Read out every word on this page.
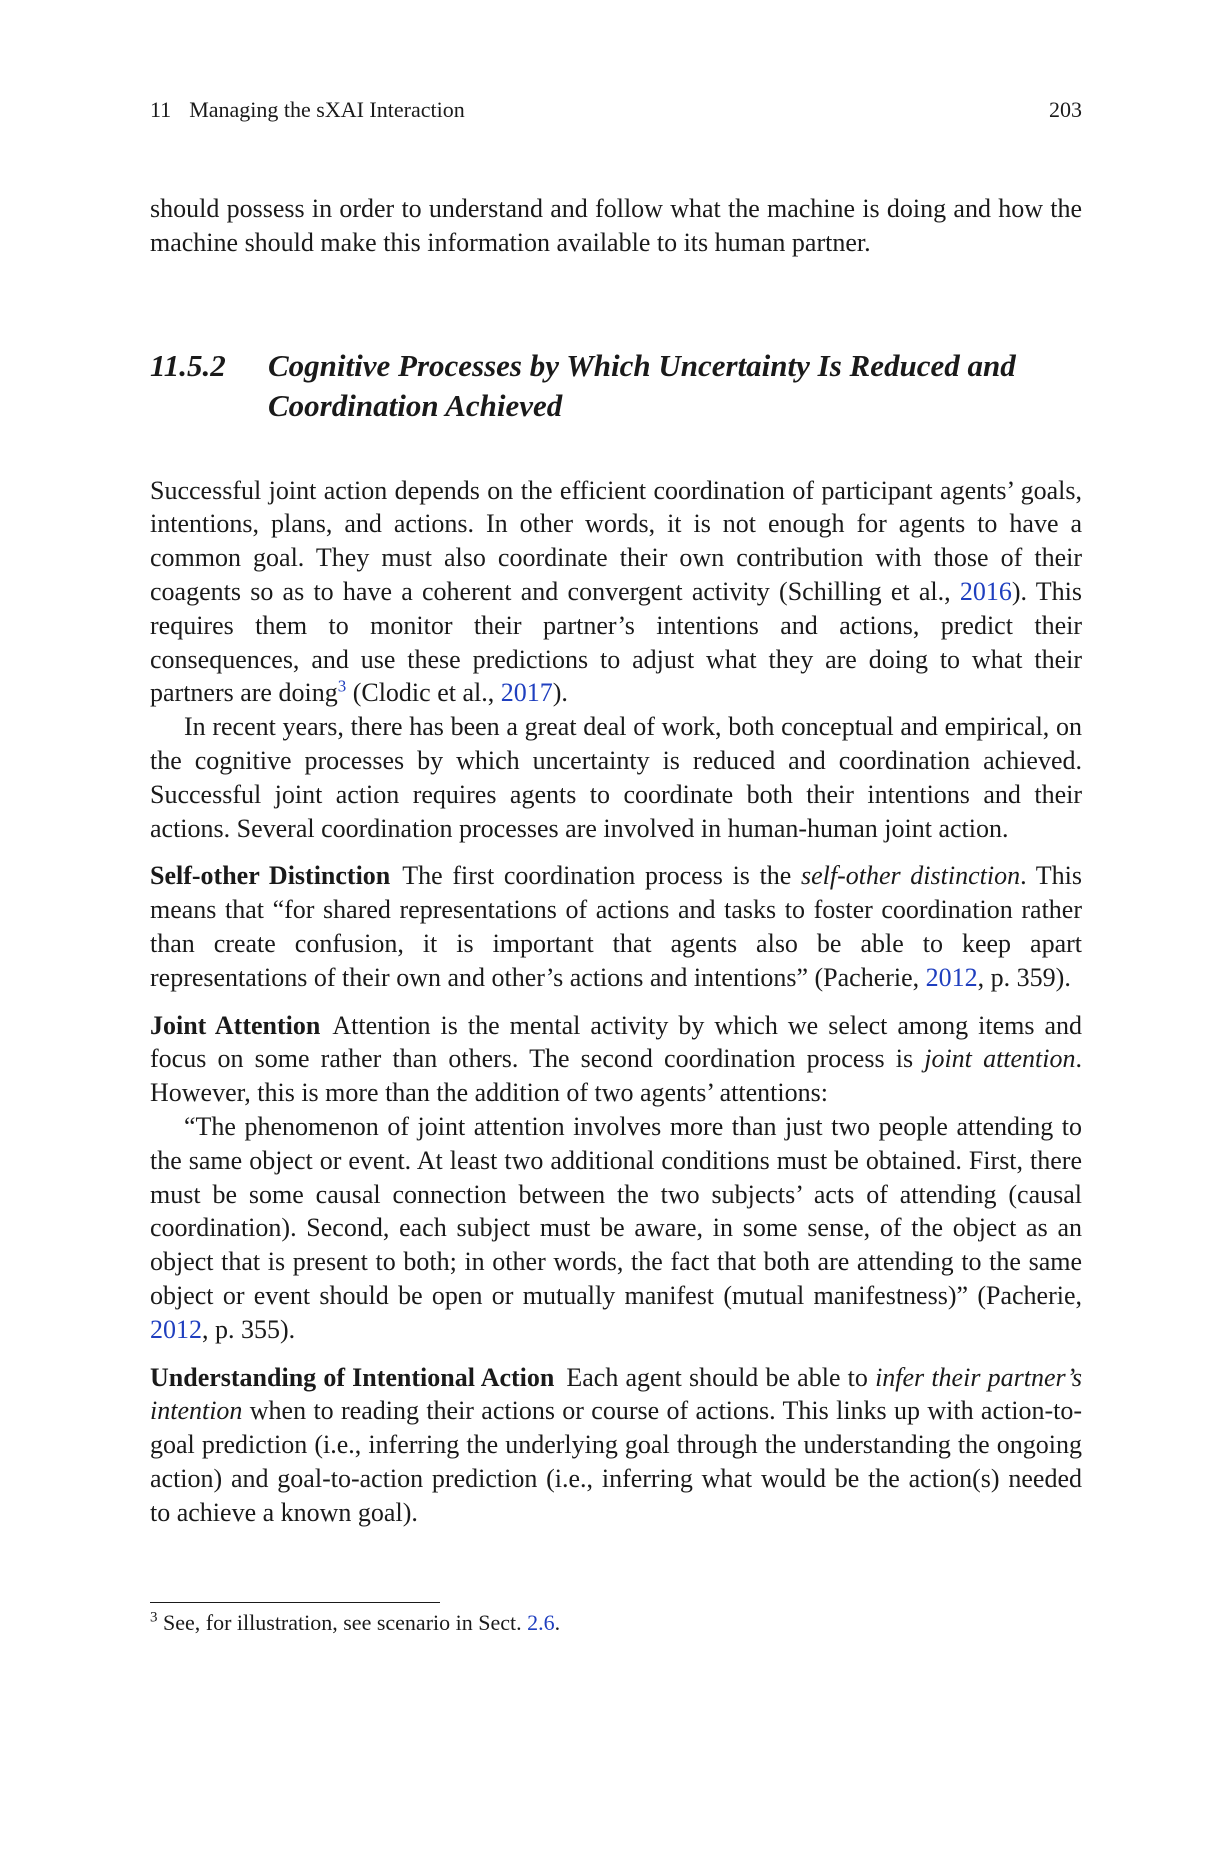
11 Managing the sXAI Interaction	203

should possess in order to understand and follow what the machine is doing and how the machine should make this information available to its human partner.

11.5.2	Cognitive Processes by Which Uncertainty Is Reduced and Coordination Achieved

Successful joint action depends on the efficient coordination of participant agents’ goals, intentions, plans, and actions. In other words, it is not enough for agents to have a common goal. They must also coordinate their own contribution with those of their coagents so as to have a coherent and convergent activity (Schilling et al., 2016). This requires them to monitor their partner’s intentions and actions, predict their consequences, and use these predictions to adjust what they are doing to what their partners are doing$^3$ (Clodic et al., 2017).

In recent years, there has been a great deal of work, both conceptual and empirical, on the cognitive processes by which uncertainty is reduced and coordination achieved. Successful joint action requires agents to coordinate both their intentions and their actions. Several coordination processes are involved in human-human joint action.

Self-other Distinction The first coordination process is the self-other distinction. This means that “for shared representations of actions and tasks to foster coordination rather than create confusion, it is important that agents also be able to keep apart representations of their own and other’s actions and intentions” (Pacherie, 2012, p. 359).

Joint Attention Attention is the mental activity by which we select among items and focus on some rather than others. The second coordination process is joint attention. However, this is more than the addition of two agents’ attentions:

“The phenomenon of joint attention involves more than just two people attending to the same object or event. At least two additional conditions must be obtained. First, there must be some causal connection between the two subjects’ acts of attending (causal coordination). Second, each subject must be aware, in some sense, of the object as an object that is present to both; in other words, the fact that both are attending to the same object or event should be open or mutually manifest (mutual manifestness)” (Pacherie, 2012, p. 355).

Understanding of Intentional Action Each agent should be able to infer their partner’s intention when to reading their actions or course of actions. This links up with action-to-goal prediction (i.e., inferring the underlying goal through the understanding the ongoing action) and goal-to-action prediction (i.e., inferring what would be the action(s) needed to achieve a known goal).

$^3$ See, for illustration, see scenario in Sect. 2.6.
